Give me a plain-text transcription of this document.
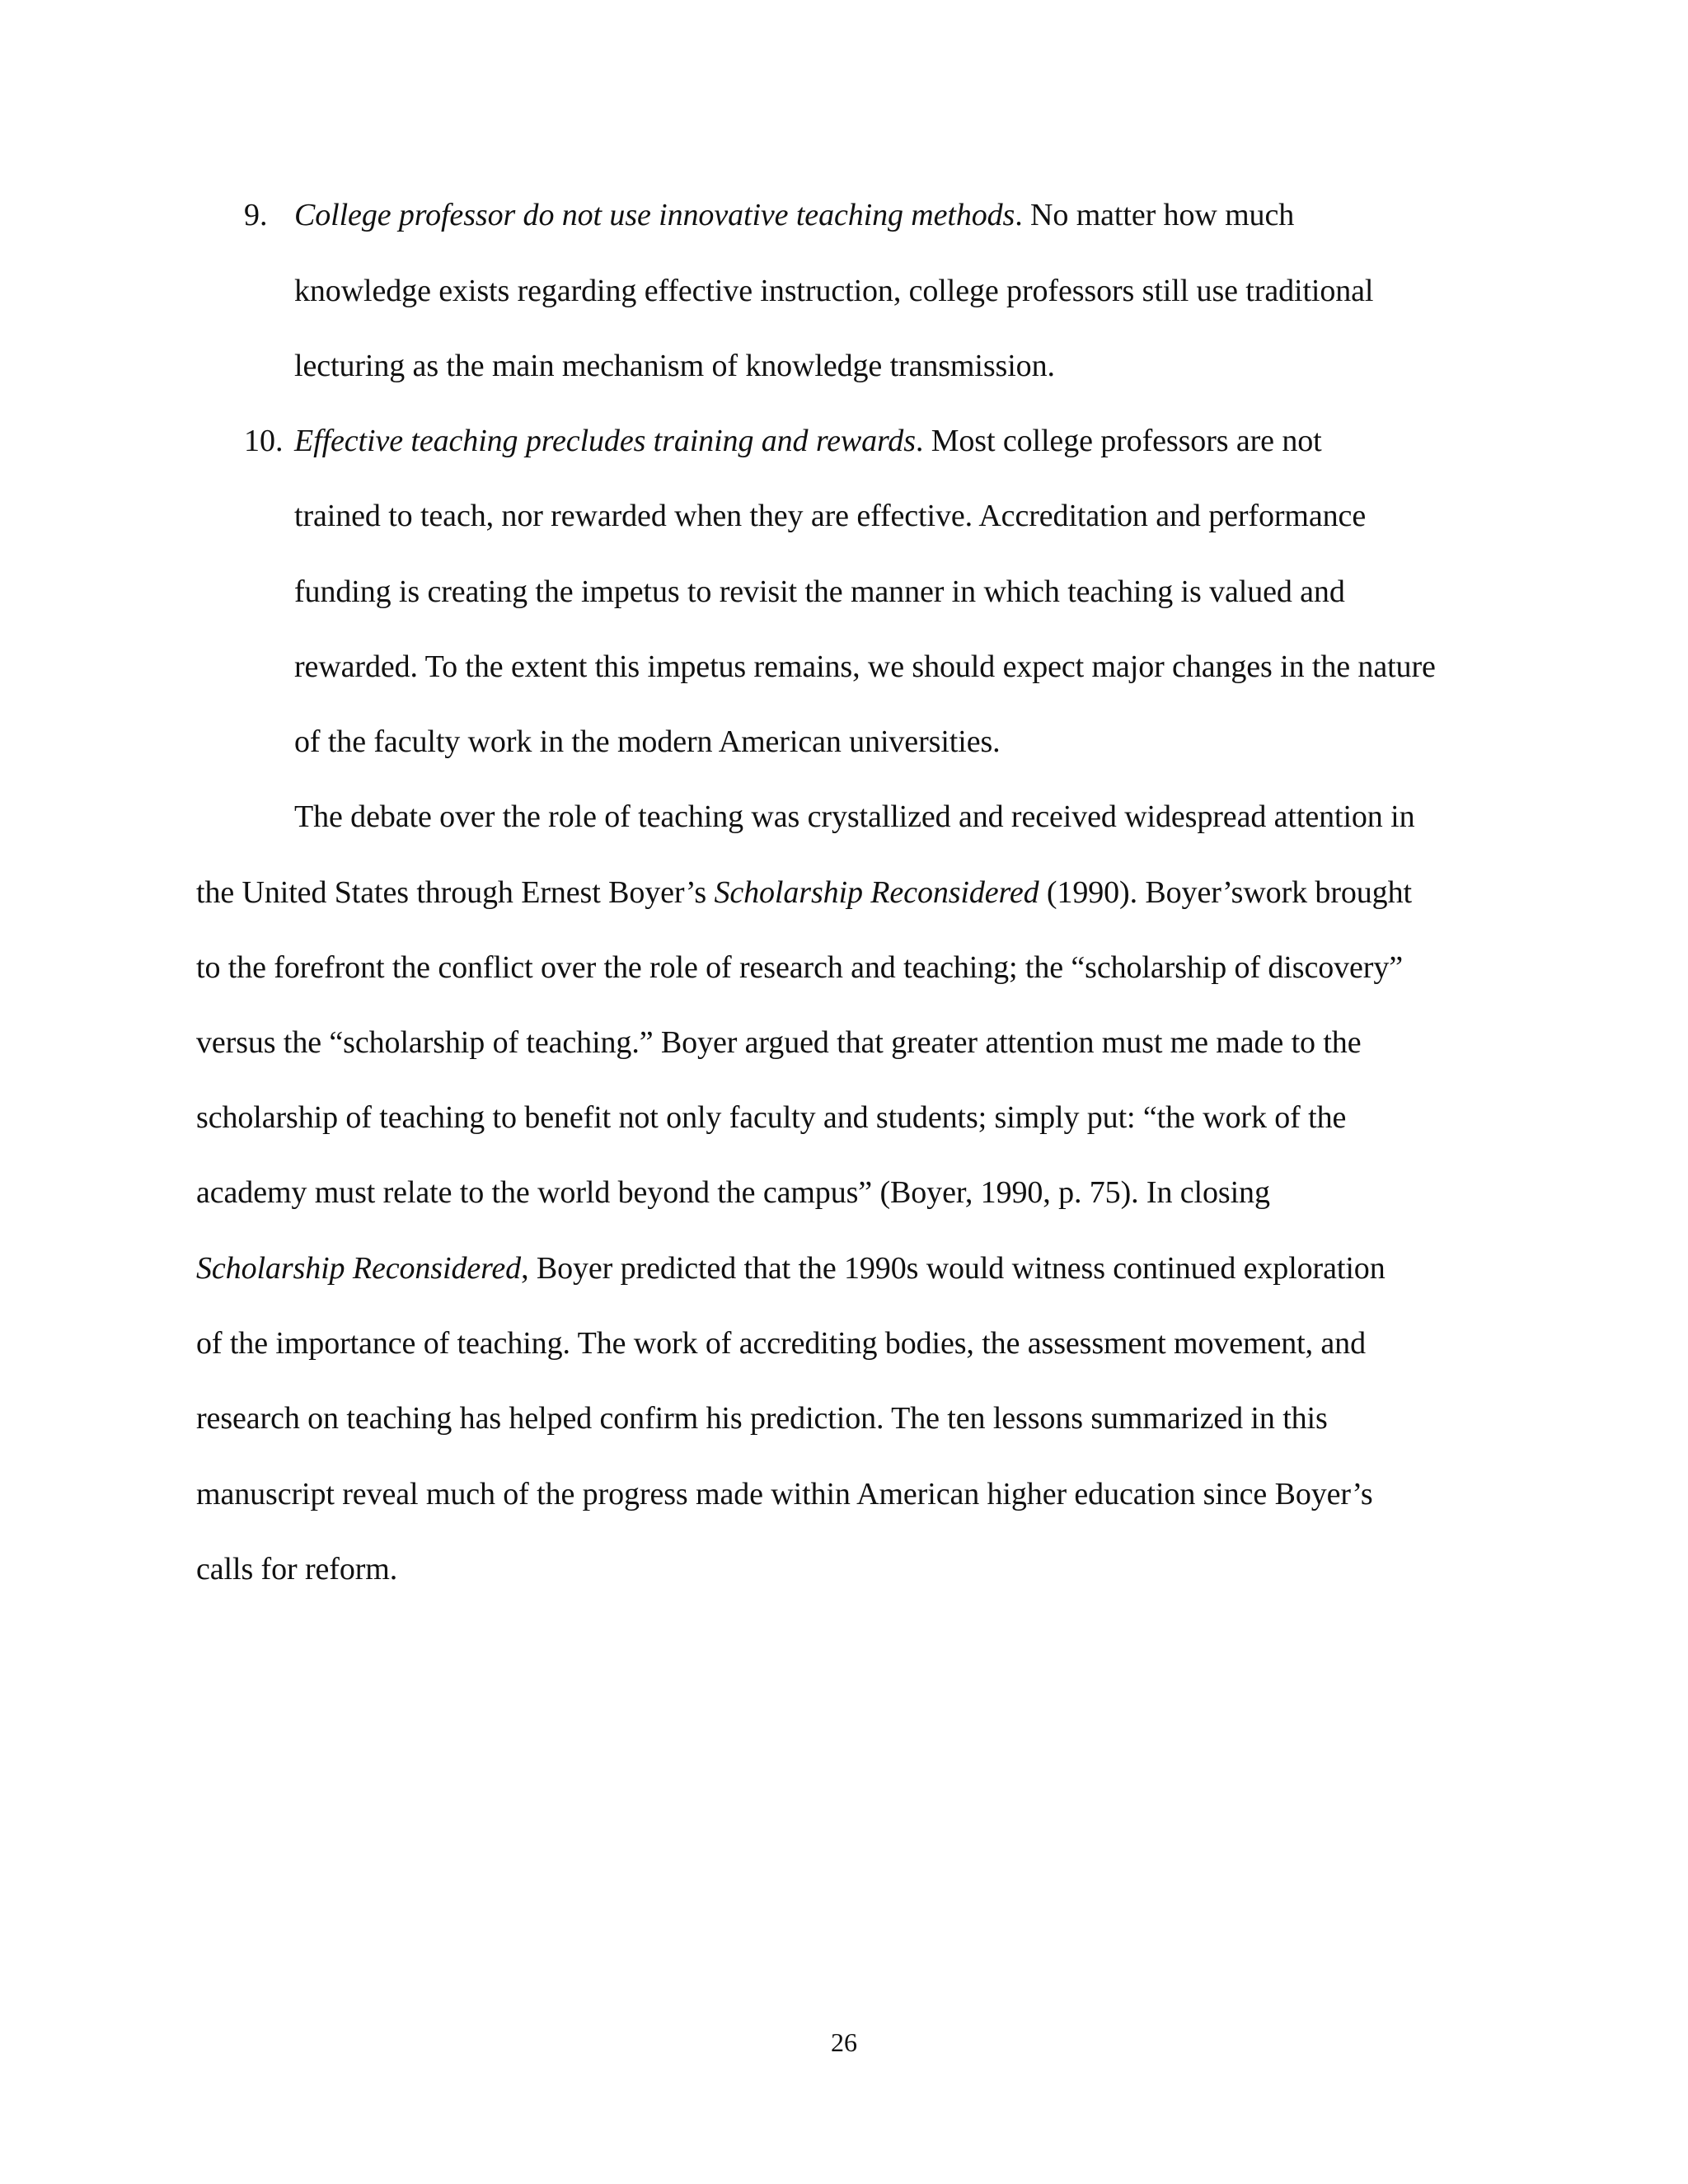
9. College professor do not use innovative teaching methods. No matter how much
knowledge exists regarding effective instruction, college professors still use traditional
lecturing as the main mechanism of knowledge transmission.
10. Effective teaching precludes training and rewards. Most college professors are not
trained to teach, nor rewarded when they are effective. Accreditation and performance
funding is creating the impetus to revisit the manner in which teaching is valued and
rewarded. To the extent this impetus remains, we should expect major changes in the nature
of the faculty work in the modern American universities.
The debate over the role of teaching was crystallized and received widespread attention in
the United States through Ernest Boyer’s Scholarship Reconsidered (1990). Boyer’swork brought
to the forefront the conflict over the role of research and teaching; the “scholarship of discovery”
versus the “scholarship of teaching.” Boyer argued that greater attention must me made to the
scholarship of teaching to benefit not only faculty and students; simply put: “the work of the
academy must relate to the world beyond the campus” (Boyer, 1990, p. 75). In closing
Scholarship Reconsidered, Boyer predicted that the 1990s would witness continued exploration
of the importance of teaching. The work of accrediting bodies, the assessment movement, and
research on teaching has helped confirm his prediction. The ten lessons summarized in this
manuscript reveal much of the progress made within American higher education since Boyer’s
calls for reform.
26
